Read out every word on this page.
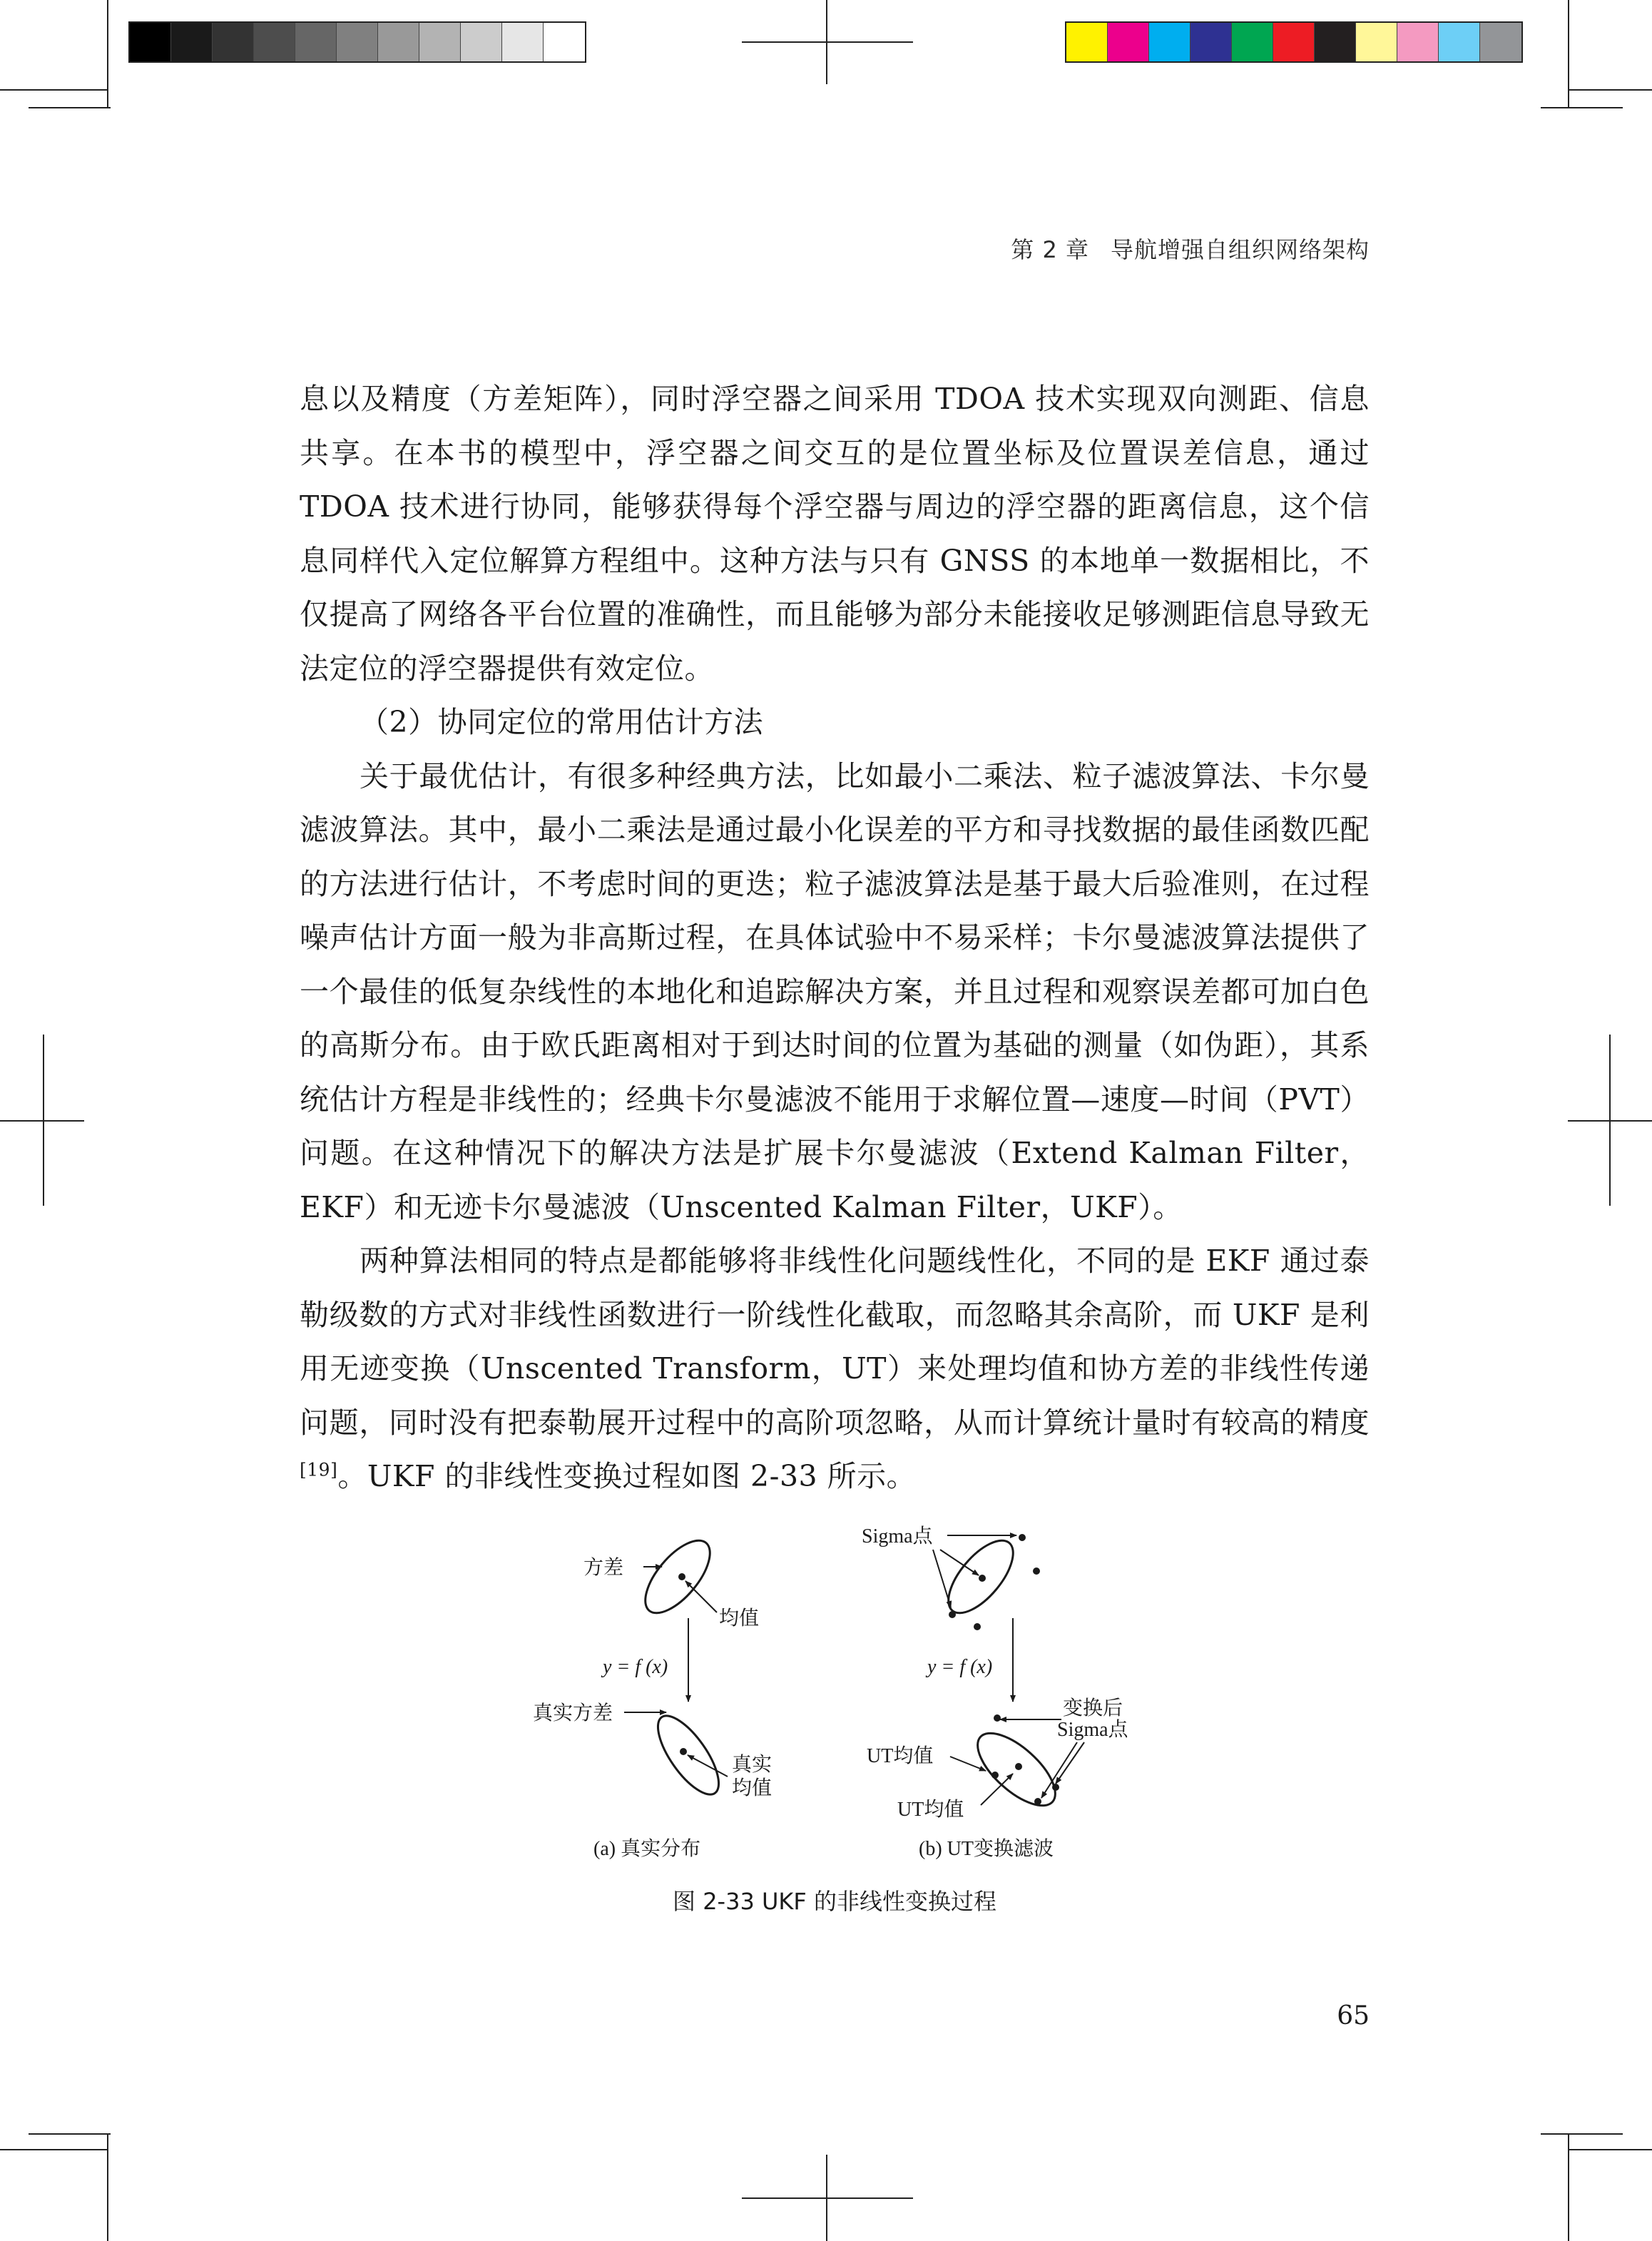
第 2 章 导航增强自组织网络架构

息以及精度（方差矩阵），同时浮空器之间采用 TDOA 技术实现双向测距、信息共享。在本书的模型中，浮空器之间交互的是位置坐标及位置误差信息，通过 TDOA 技术进行协同，能够获得每个浮空器与周边的浮空器的距离信息，这个信息同样代入定位解算方程组中。这种方法与只有 GNSS 的本地单一数据相比，不仅提高了网络各平台位置的准确性，而且能够为部分未能接收足够测距信息导致无法定位的浮空器提供有效定位。

（2）协同定位的常用估计方法

关于最优估计，有很多种经典方法，比如最小二乘法、粒子滤波算法、卡尔曼滤波算法。其中，最小二乘法是通过最小化误差的平方和寻找数据的最佳函数匹配的方法进行估计，不考虑时间的更迭；粒子滤波算法是基于最大后验准则，在过程噪声估计方面一般为非高斯过程，在具体试验中不易采样；卡尔曼滤波算法提供了一个最佳的低复杂线性的本地化和追踪解决方案，并且过程和观察误差都可加白色的高斯分布。由于欧氏距离相对于到达时间的位置为基础的测量（如伪距），其系统估计方程是非线性的；经典卡尔曼滤波不能用于求解位置—速度—时间（PVT）问题。在这种情况下的解决方法是扩展卡尔曼滤波（Extend Kalman Filter，EKF）和无迹卡尔曼滤波（Unscented Kalman Filter，UKF）。

两种算法相同的特点是都能够将非线性化问题线性化，不同的是 EKF 通过泰勒级数的方式对非线性函数进行一阶线性化截取，而忽略其余高阶，而 UKF 是利用无迹变换（Unscented Transform，UT）来处理均值和协方差的非线性传递问题，同时没有把泰勒展开过程中的高阶项忽略，从而计算统计量时有较高的精度[19]。UKF 的非线性变换过程如图 2-33 所示。

方差
均值
y = f (x)
真实方差
真实
均值
(a) 真实分布
Sigma点
y = f (x)
变换后
Sigma点
UT均值
UT均值
(b) UT变换滤波
图 2-33 UKF 的非线性变换过程
65
